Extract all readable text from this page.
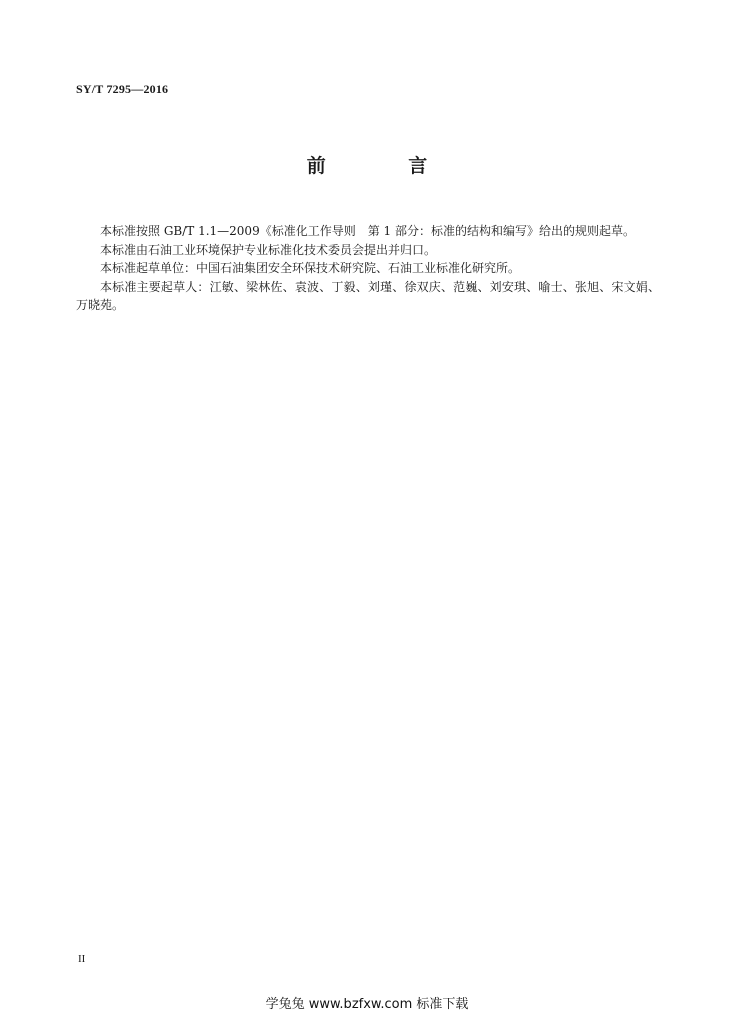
SY/T 7295—2016
前 言

本标准按照 GB/T 1.1—2009《标准化工作导则　第 1 部分：标准的结构和编写》给出的规则起草。

本标准由石油工业环境保护专业标准化技术委员会提出并归口。

本标准起草单位：中国石油集团安全环保技术研究院、石油工业标准化研究所。

本标准主要起草人：江敏、梁林佐、袁波、丁毅、刘瑾、徐双庆、范巍、刘安琪、喻士、张旭、宋文娟、万晓苑。

II
学兔兔 www.bzfxw.com 标准下载
